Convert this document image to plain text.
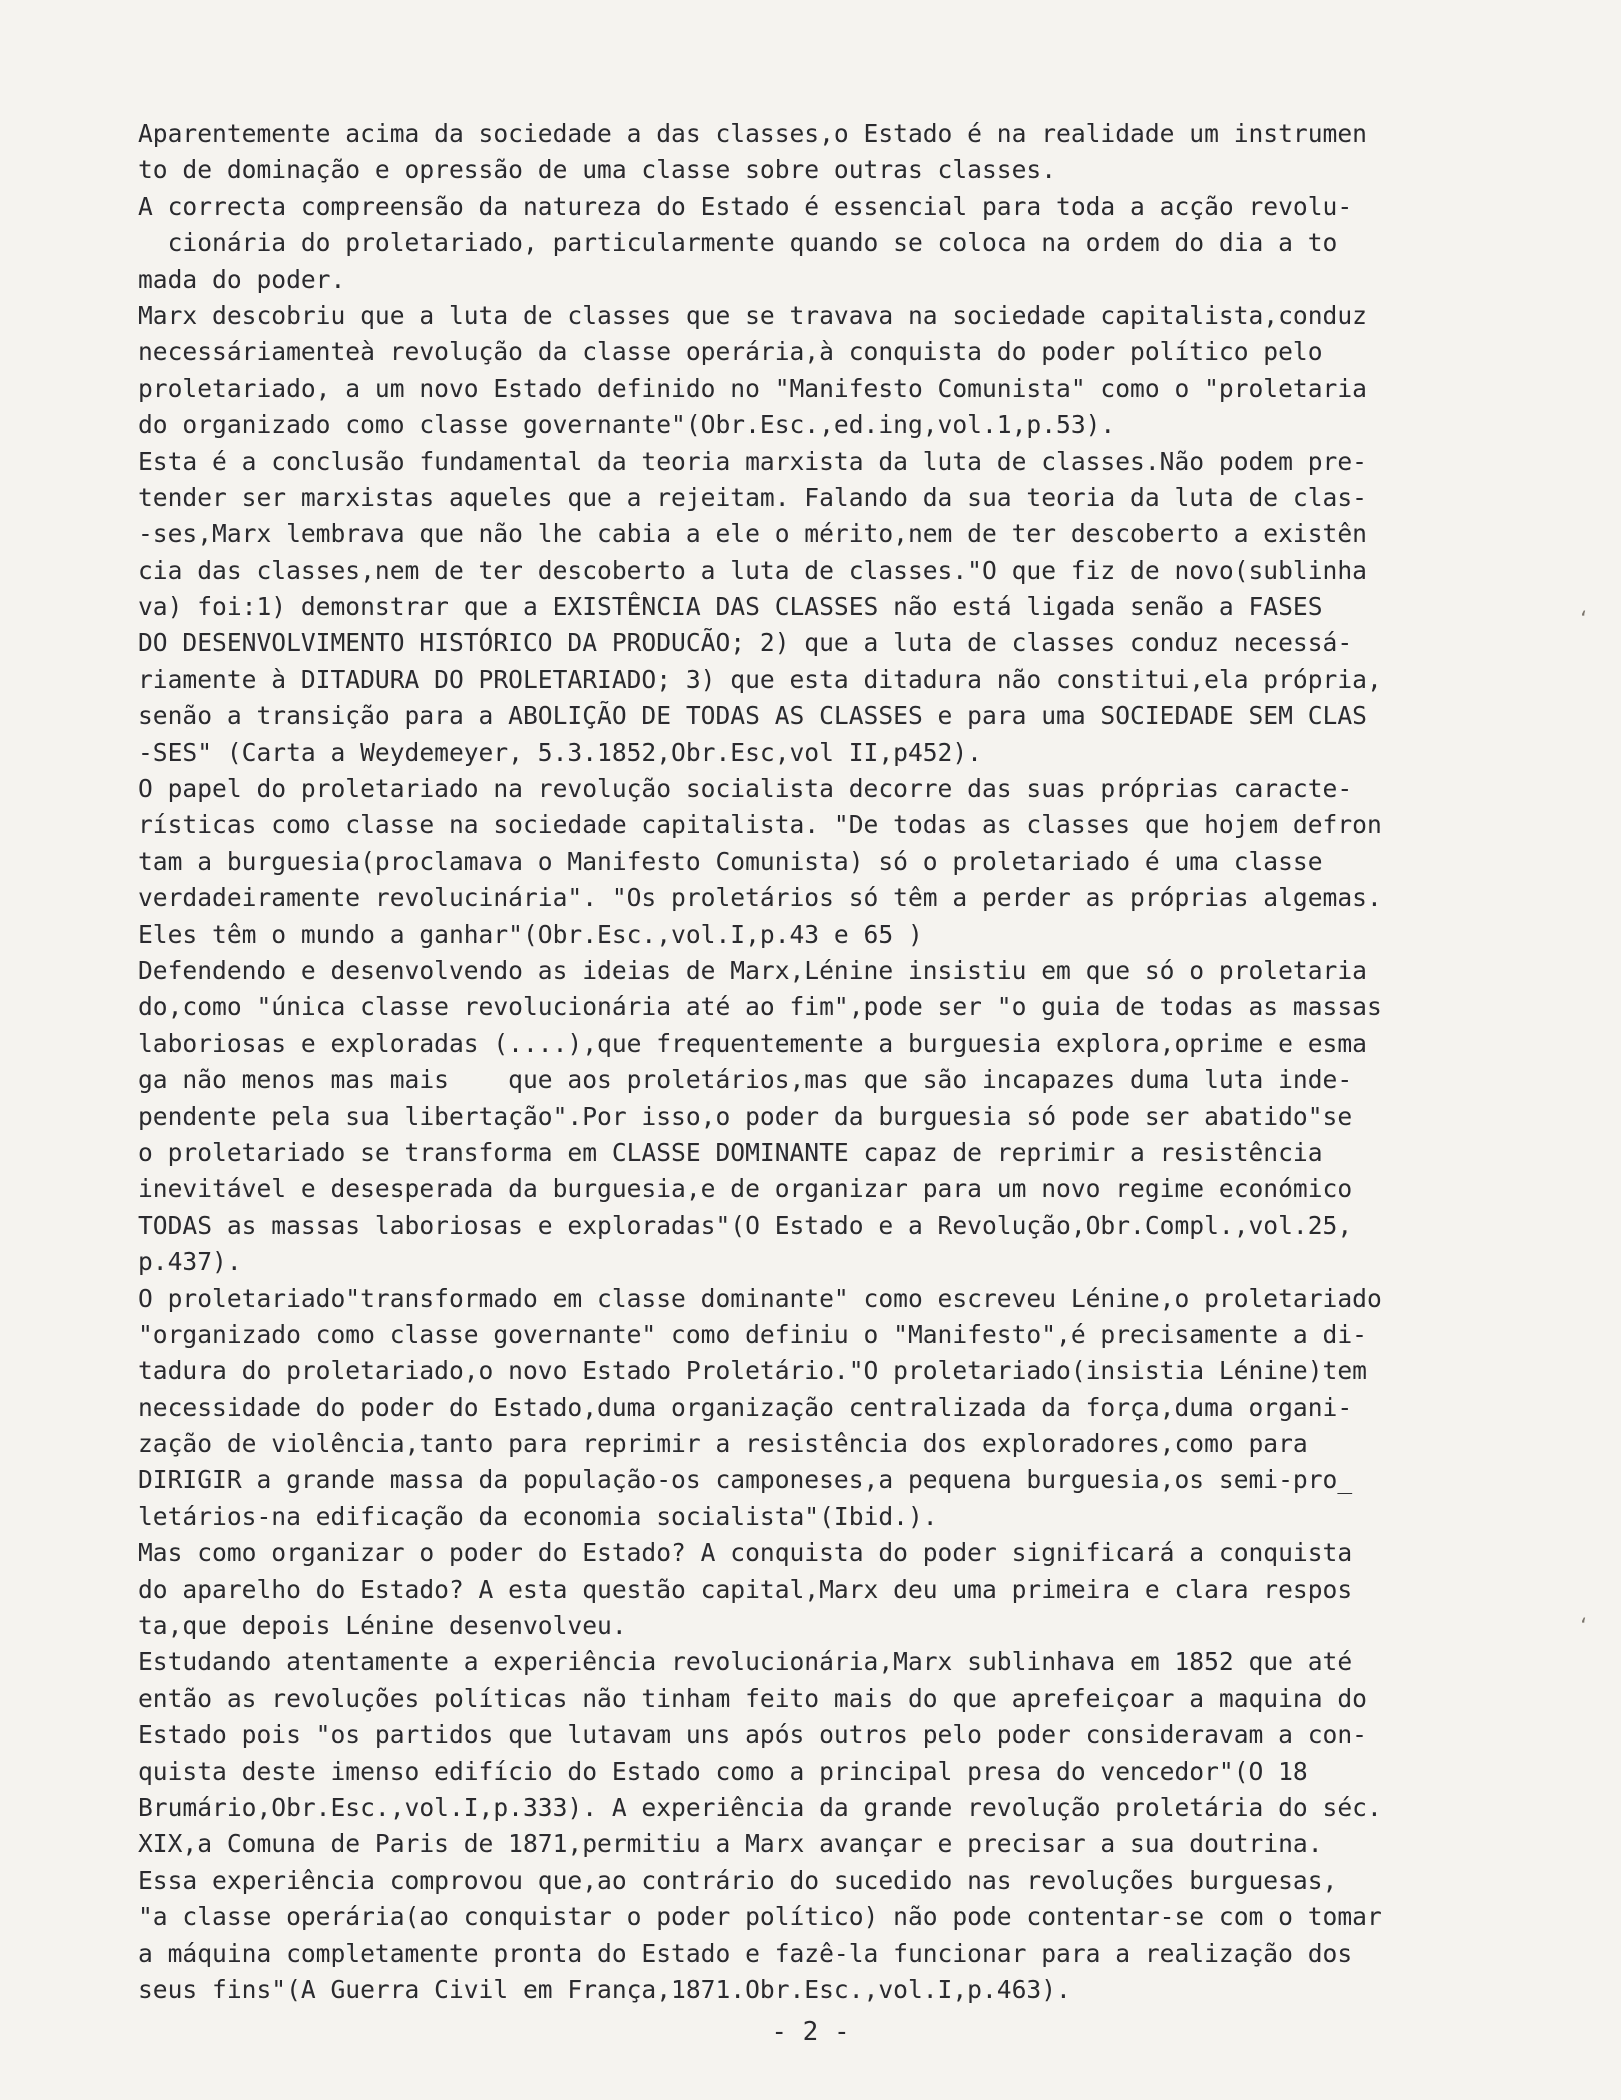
Aparentemente acima da sociedade a das classes,o Estado é na realidade um instrumen
to de dominação e opressão de uma classe sobre outras classes.
A correcta compreensão da natureza do Estado é essencial para toda a acção revolu-
cionária do proletariado, particularmente quando se coloca na ordem do dia a to
mada do poder.
Marx descobriu que a luta de classes que se travava na sociedade capitalista,conduz
necessáriamenteà revolução da classe operária,à conquista do poder político pelo
proletariado, a um novo Estado definido no "Manifesto Comunista" como o "proletaria
do organizado como classe governante"(Obr.Esc.,ed.ing,vol.1,p.53).
Esta é a conclusão fundamental da teoria marxista da luta de classes.Não podem pre-
tender ser marxistas aqueles que a rejeitam. Falando da sua teoria da luta de clas-
-ses,Marx lembrava que não lhe cabia a ele o mérito,nem de ter descoberto a existên
cia das classes,nem de ter descoberto a luta de classes."O que fiz de novo(sublinha
va) foi:1) demonstrar que a EXISTÊNCIA DAS CLASSES não está ligada senão a FASES
DO DESENVOLVIMENTO HISTÓRICO DA PRODUCÃO; 2) que a luta de classes conduz necessá-
riamente à DITADURA DO PROLETARIADO; 3) que esta ditadura não constitui,ela própria,
senão a transição para a ABOLIÇÃO DE TODAS AS CLASSES e para uma SOCIEDADE SEM CLAS
-SES" (Carta a Weydemeyer, 5.3.1852,Obr.Esc,vol II,p452).
O papel do proletariado na revolução socialista decorre das suas próprias caracte-
rísticas como classe na sociedade capitalista. "De todas as classes que hojem defron
tam a burguesia(proclamava o Manifesto Comunista) só o proletariado é uma classe
verdadeiramente revolucinária". "Os proletários só têm a perder as próprias algemas.
Eles têm o mundo a ganhar"(Obr.Esc.,vol.I,p.43 e 65 )
Defendendo e desenvolvendo as ideias de Marx,Lénine insistiu em que só o proletaria
do,como "única classe revolucionária até ao fim",pode ser "o guia de todas as massas
laboriosas e exploradas (....),que frequentemente a burguesia explora,oprime e esma
ga não menos mas mais    que aos proletários,mas que são incapazes duma luta inde-
pendente pela sua libertação".Por isso,o poder da burguesia só pode ser abatido"se
o proletariado se transforma em CLASSE DOMINANTE capaz de reprimir a resistência
inevitável e desesperada da burguesia,e de organizar para um novo regime económico
TODAS as massas laboriosas e exploradas"(O Estado e a Revolução,Obr.Compl.,vol.25,
p.437).
O proletariado"transformado em classe dominante" como escreveu Lénine,o proletariado
"organizado como classe governante" como definiu o "Manifesto",é precisamente a di-
tadura do proletariado,o novo Estado Proletário."O proletariado(insistia Lénine)tem
necessidade do poder do Estado,duma organização centralizada da força,duma organi-
zação de violência,tanto para reprimir a resistência dos exploradores,como para
DIRIGIR a grande massa da população-os camponeses,a pequena burguesia,os semi-pro_
letários-na edificação da economia socialista"(Ibid.).
Mas como organizar o poder do Estado? A conquista do poder significará a conquista
do aparelho do Estado? A esta questão capital,Marx deu uma primeira e clara respos
ta,que depois Lénine desenvolveu.
Estudando atentamente a experiência revolucionária,Marx sublinhava em 1852 que até
então as revoluções políticas não tinham feito mais do que aprefeiçoar a maquina do
Estado pois "os partidos que lutavam uns após outros pelo poder consideravam a con-
quista deste imenso edifício do Estado como a principal presa do vencedor"(O 18
Brumário,Obr.Esc.,vol.I,p.333). A experiência da grande revolução proletária do séc.
XIX,a Comuna de Paris de 1871,permitiu a Marx avançar e precisar a sua doutrina.
Essa experiência comprovou que,ao contrário do sucedido nas revoluções burguesas,
"a classe operária(ao conquistar o poder político) não pode contentar-se com o tomar
a máquina completamente pronta do Estado e fazê-la funcionar para a realização dos
seus fins"(A Guerra Civil em França,1871.Obr.Esc.,vol.I,p.463).
- 2 -
‘
‘
